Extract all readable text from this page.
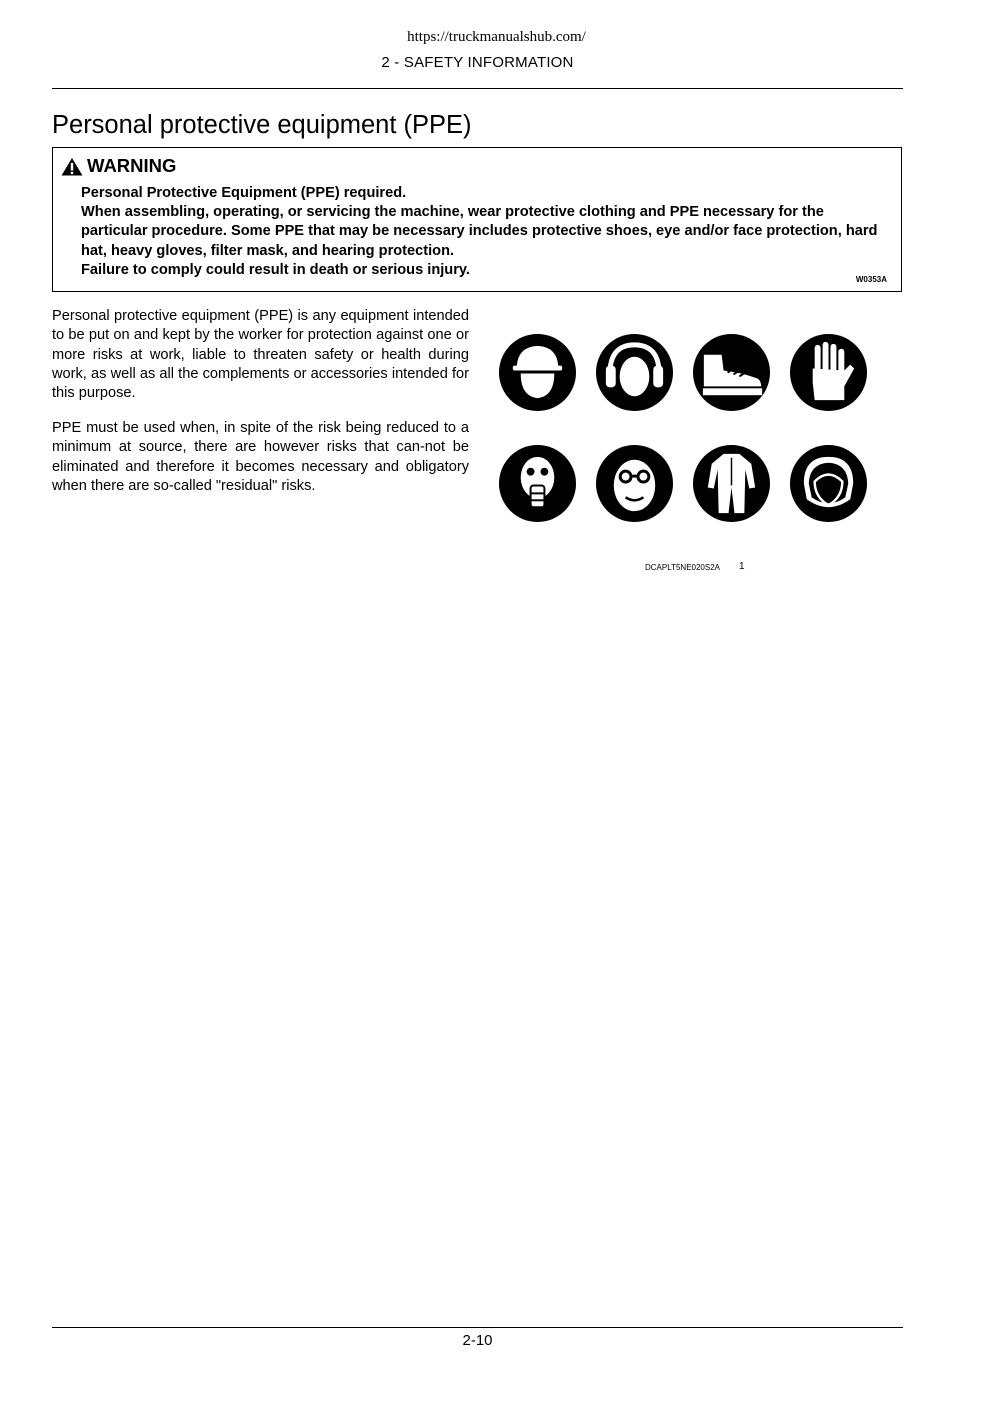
https://truckmanualshub.com/
2 - SAFETY INFORMATION
Personal protective equipment (PPE)
WARNING

Personal Protective Equipment (PPE) required.

When assembling, operating, or servicing the machine, wear protective clothing and PPE necessary for the particular procedure. Some PPE that may be necessary includes protective shoes, eye and/or face protection, hard hat, heavy gloves, filter mask, and hearing protection.

Failure to comply could result in death or serious injury.

W0353A

Personal protective equipment (PPE) is any equipment intended to be put on and kept by the worker for protection against one or more risks at work, liable to threaten safety or health during work, as well as all the complements or accessories intended for this purpose.

PPE must be used when, in spite of the risk being reduced to a minimum at source, there are however risks that can-not be eliminated and therefore it becomes necessary and obligatory when there are so-called "residual" risks.

DCAPLT5NE020S2A 1
2-10
